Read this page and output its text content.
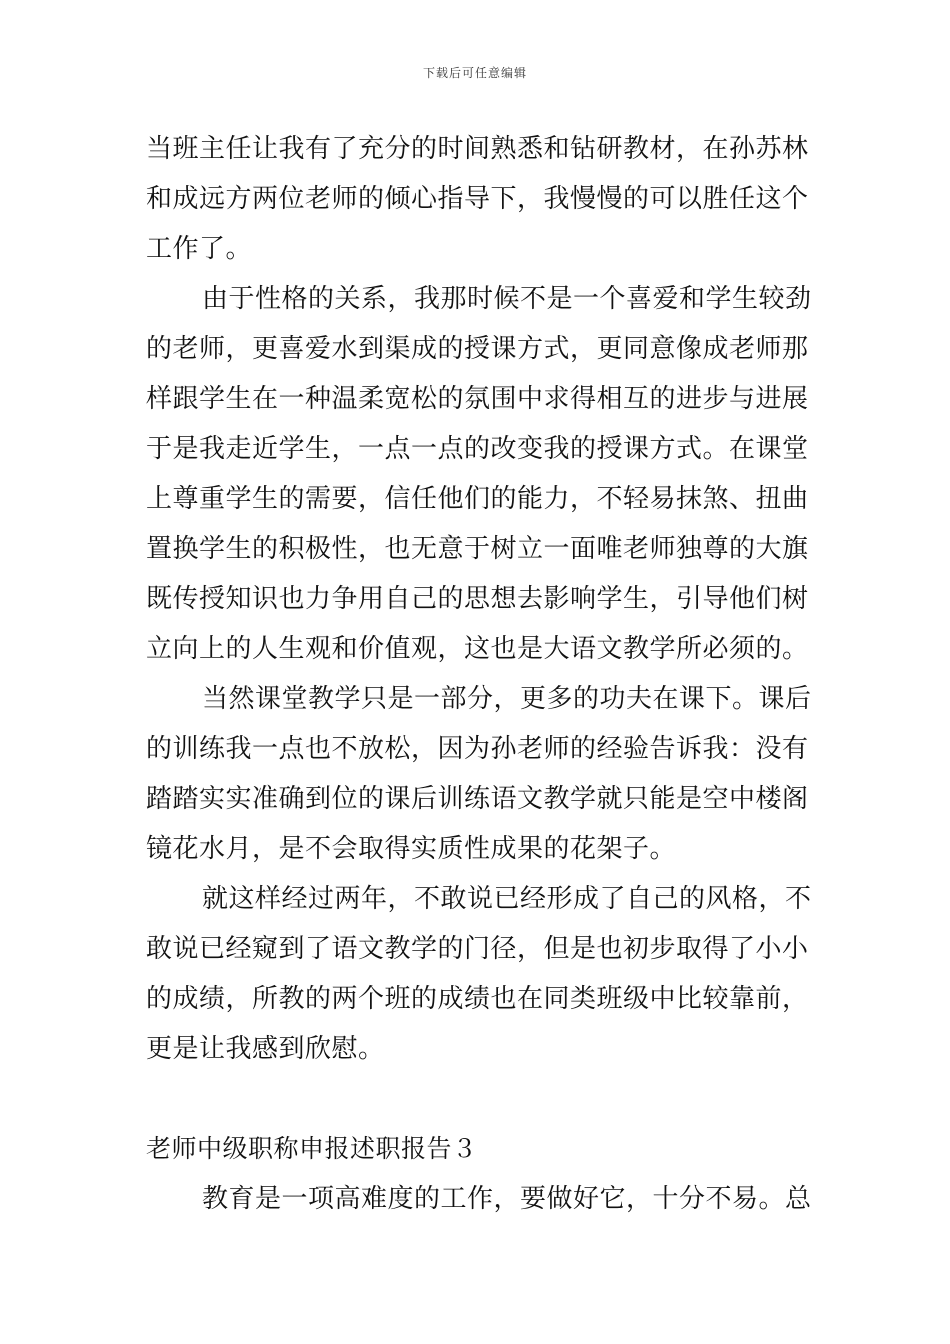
下载后可任意编辑
当班主任让我有了充分的时间熟悉和钻研教材，在孙苏林
和成远方两位老师的倾心指导下，我慢慢的可以胜任这个
工作了。
由于性格的关系，我那时候不是一个喜爱和学生较劲
的老师，更喜爱水到渠成的授课方式，更同意像成老师那
样跟学生在一种温柔宽松的氛围中求得相互的进步与进展
于是我走近学生，一点一点的改变我的授课方式。在课堂
上尊重学生的需要，信任他们的能力，不轻易抹煞、扭曲
置换学生的积极性，也无意于树立一面唯老师独尊的大旗
既传授知识也力争用自己的思想去影响学生，引导他们树
立向上的人生观和价值观，这也是大语文教学所必须的。
当然课堂教学只是一部分，更多的功夫在课下。课后
的训练我一点也不放松，因为孙老师的经验告诉我：没有
踏踏实实准确到位的课后训练语文教学就只能是空中楼阁
镜花水月，是不会取得实质性成果的花架子。
就这样经过两年，不敢说已经形成了自己的风格，不
敢说已经窥到了语文教学的门径，但是也初步取得了小小
的成绩，所教的两个班的成绩也在同类班级中比较靠前，
更是让我感到欣慰。
老师中级职称申报述职报告３
教育是一项高难度的工作，要做好它，十分不易。总
